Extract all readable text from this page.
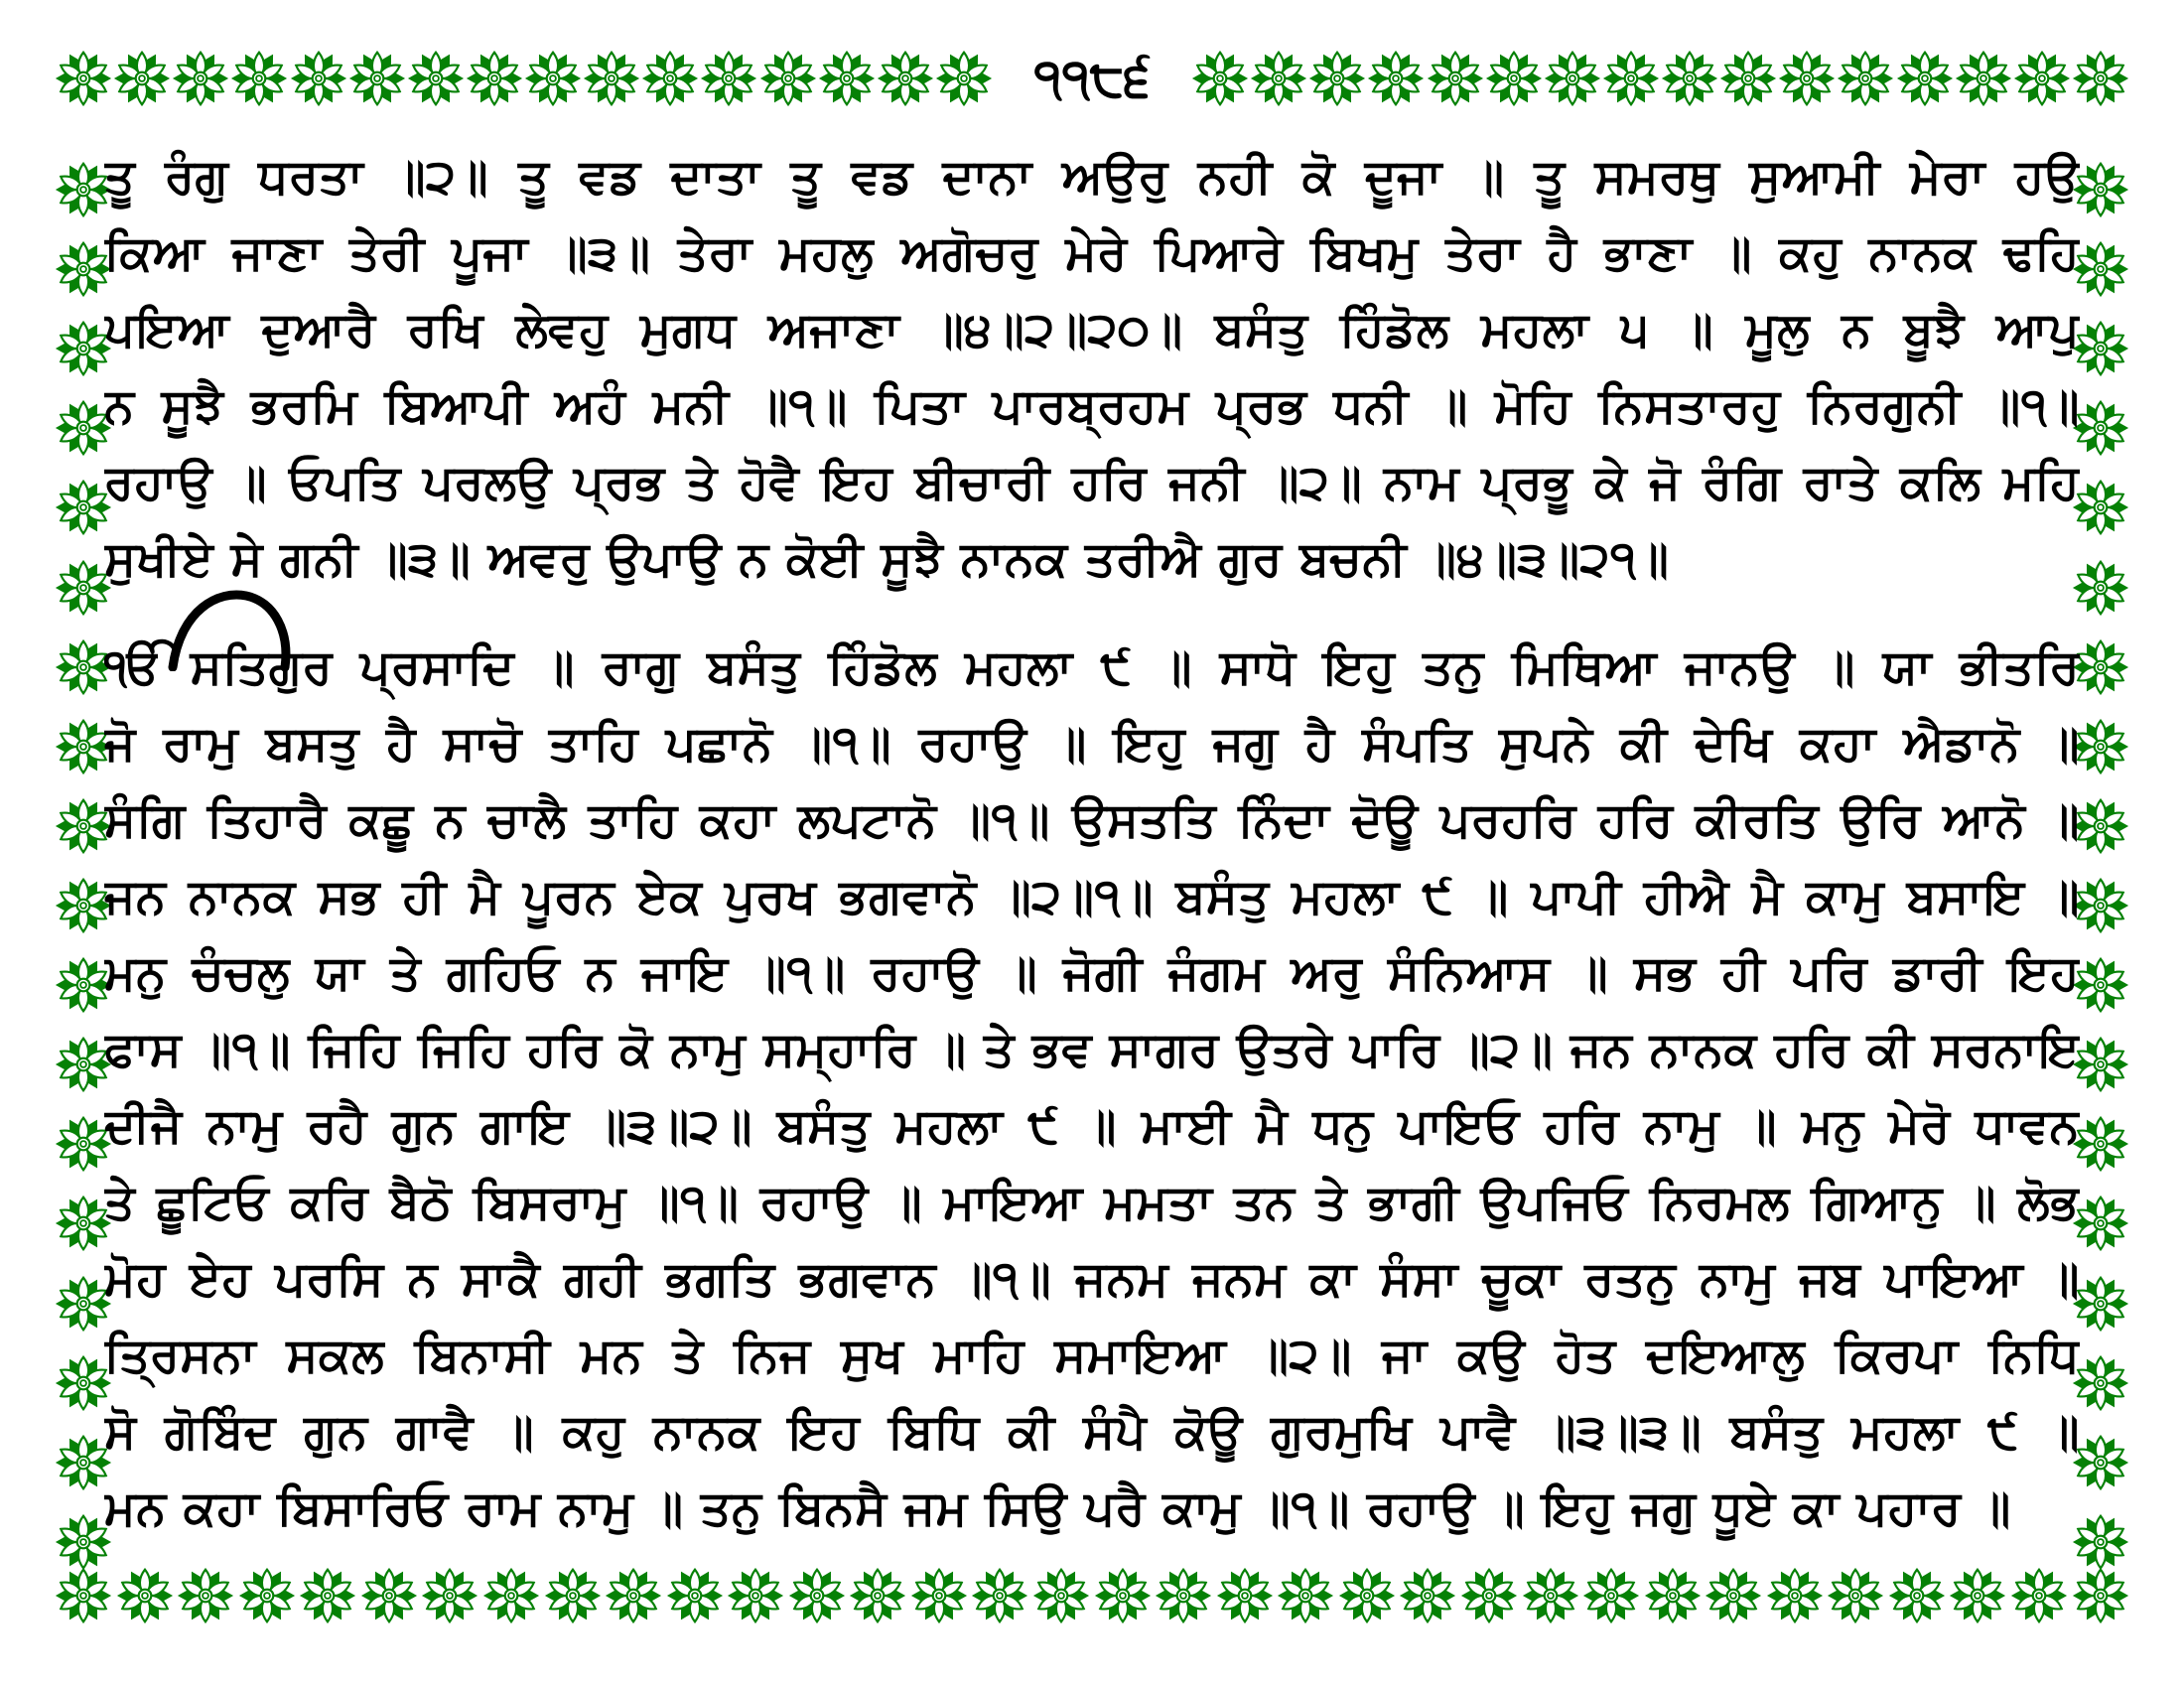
੧੧੮੬
ਤੂ ਰੰਗੁ ਧਰਤਾ ॥੨॥ ਤੂ ਵਡ ਦਾਤਾ ਤੂ ਵਡ ਦਾਨਾ ਅਉਰੁ ਨਹੀ ਕੋ ਦੂਜਾ ॥ ਤੂ ਸਮਰਥੁ ਸੁਆਮੀ ਮੇਰਾ ਹਉ
ਕਿਆ ਜਾਣਾ ਤੇਰੀ ਪੂਜਾ ॥੩॥ ਤੇਰਾ ਮਹਲੁ ਅਗੋਚਰੁ ਮੇਰੇ ਪਿਆਰੇ ਬਿਖਮੁ ਤੇਰਾ ਹੈ ਭਾਣਾ ॥ ਕਹੁ ਨਾਨਕ ਢਹਿ
ਪਇਆ ਦੁਆਰੈ ਰਖਿ ਲੇਵਹੁ ਮੁਗਧ ਅਜਾਣਾ ॥੪॥੨॥੨੦॥ ਬਸੰਤੁ ਹਿੰਡੋਲ ਮਹਲਾ ੫ ॥ ਮੂਲੁ ਨ ਬੂਝੈ ਆਪੁ
ਨ ਸੂਝੈ ਭਰਮਿ ਬਿਆਪੀ ਅਹੰ ਮਨੀ ॥੧॥ ਪਿਤਾ ਪਾਰਬ੍ਰਹਮ ਪ੍ਰਭ ਧਨੀ ॥ ਮੋਹਿ ਨਿਸਤਾਰਹੁ ਨਿਰਗੁਨੀ ॥੧॥
ਰਹਾਉ ॥ ਓਪਤਿ ਪਰਲਉ ਪ੍ਰਭ ਤੇ ਹੋਵੈ ਇਹ ਬੀਚਾਰੀ ਹਰਿ ਜਨੀ ॥੨॥ ਨਾਮ ਪ੍ਰਭੂ ਕੇ ਜੋ ਰੰਗਿ ਰਾਤੇ ਕਲਿ ਮਹਿ
ਸੁਖੀਏ ਸੇ ਗਨੀ ॥੩॥ ਅਵਰੁ ਉਪਾਉ ਨ ਕੋਈ ਸੂਝੈ ਨਾਨਕ ਤਰੀਐ ਗੁਰ ਬਚਨੀ ॥੪॥੩॥੨੧॥
ੴ ਸਤਿਗੁਰ ਪ੍ਰਸਾਦਿ ॥ ਰਾਗੁ ਬਸੰਤੁ ਹਿੰਡੋਲ ਮਹਲਾ ੯ ॥ ਸਾਧੋ ਇਹੁ ਤਨੁ ਮਿਥਿਆ ਜਾਨਉ ॥ ਯਾ ਭੀਤਰਿ
ਜੋ ਰਾਮੁ ਬਸਤੁ ਹੈ ਸਾਚੋ ਤਾਹਿ ਪਛਾਨੋ ॥੧॥ ਰਹਾਉ ॥ ਇਹੁ ਜਗੁ ਹੈ ਸੰਪਤਿ ਸੁਪਨੇ ਕੀ ਦੇਖਿ ਕਹਾ ਐਡਾਨੋ ॥
ਸੰਗਿ ਤਿਹਾਰੈ ਕਛੂ ਨ ਚਾਲੈ ਤਾਹਿ ਕਹਾ ਲਪਟਾਨੋ ॥੧॥ ਉਸਤਤਿ ਨਿੰਦਾ ਦੋਊ ਪਰਹਰਿ ਹਰਿ ਕੀਰਤਿ ਉਰਿ ਆਨੋ ॥
ਜਨ ਨਾਨਕ ਸਭ ਹੀ ਮੈ ਪੂਰਨ ਏਕ ਪੁਰਖ ਭਗਵਾਨੋ ॥੨॥੧॥ ਬਸੰਤੁ ਮਹਲਾ ੯ ॥ ਪਾਪੀ ਹੀਐ ਮੈ ਕਾਮੁ ਬਸਾਇ ॥
ਮਨੁ ਚੰਚਲੁ ਯਾ ਤੇ ਗਹਿਓ ਨ ਜਾਇ ॥੧॥ ਰਹਾਉ ॥ ਜੋਗੀ ਜੰਗਮ ਅਰੁ ਸੰਨਿਆਸ ॥ ਸਭ ਹੀ ਪਰਿ ਡਾਰੀ ਇਹ
ਫਾਸ ॥੧॥ ਜਿਹਿ ਜਿਹਿ ਹਰਿ ਕੋ ਨਾਮੁ ਸਮ੍ਹਾਰਿ ॥ ਤੇ ਭਵ ਸਾਗਰ ਉਤਰੇ ਪਾਰਿ ॥੨॥ ਜਨ ਨਾਨਕ ਹਰਿ ਕੀ ਸਰਨਾਇ
ਦੀਜੈ ਨਾਮੁ ਰਹੈ ਗੁਨ ਗਾਇ ॥੩॥੨॥ ਬਸੰਤੁ ਮਹਲਾ ੯ ॥ ਮਾਈ ਮੈ ਧਨੁ ਪਾਇਓ ਹਰਿ ਨਾਮੁ ॥ ਮਨੁ ਮੇਰੋ ਧਾਵਨ
ਤੇ ਛੂਟਿਓ ਕਰਿ ਬੈਠੋ ਬਿਸਰਾਮੁ ॥੧॥ ਰਹਾਉ ॥ ਮਾਇਆ ਮਮਤਾ ਤਨ ਤੇ ਭਾਗੀ ਉਪਜਿਓ ਨਿਰਮਲ ਗਿਆਨੁ ॥ ਲੋਭ
ਮੋਹ ਏਹ ਪਰਸਿ ਨ ਸਾਕੈ ਗਹੀ ਭਗਤਿ ਭਗਵਾਨ ॥੧॥ ਜਨਮ ਜਨਮ ਕਾ ਸੰਸਾ ਚੂਕਾ ਰਤਨੁ ਨਾਮੁ ਜਬ ਪਾਇਆ ॥
ਤ੍ਰਿਸਨਾ ਸਕਲ ਬਿਨਾਸੀ ਮਨ ਤੇ ਨਿਜ ਸੁਖ ਮਾਹਿ ਸਮਾਇਆ ॥੨॥ ਜਾ ਕਉ ਹੋਤ ਦਇਆਲੁ ਕਿਰਪਾ ਨਿਧਿ
ਸੋ ਗੋਬਿੰਦ ਗੁਨ ਗਾਵੈ ॥ ਕਹੁ ਨਾਨਕ ਇਹ ਬਿਧਿ ਕੀ ਸੰਪੈ ਕੋਊ ਗੁਰਮੁਖਿ ਪਾਵੈ ॥੩॥੩॥ ਬਸੰਤੁ ਮਹਲਾ ੯ ॥
ਮਨ ਕਹਾ ਬਿਸਾਰਿਓ ਰਾਮ ਨਾਮੁ ॥ ਤਨੁ ਬਿਨਸੈ ਜਮ ਸਿਉ ਪਰੈ ਕਾਮੁ ॥੧॥ ਰਹਾਉ ॥ ਇਹੁ ਜਗੁ ਧੂਏ ਕਾ ਪਹਾਰ ॥
